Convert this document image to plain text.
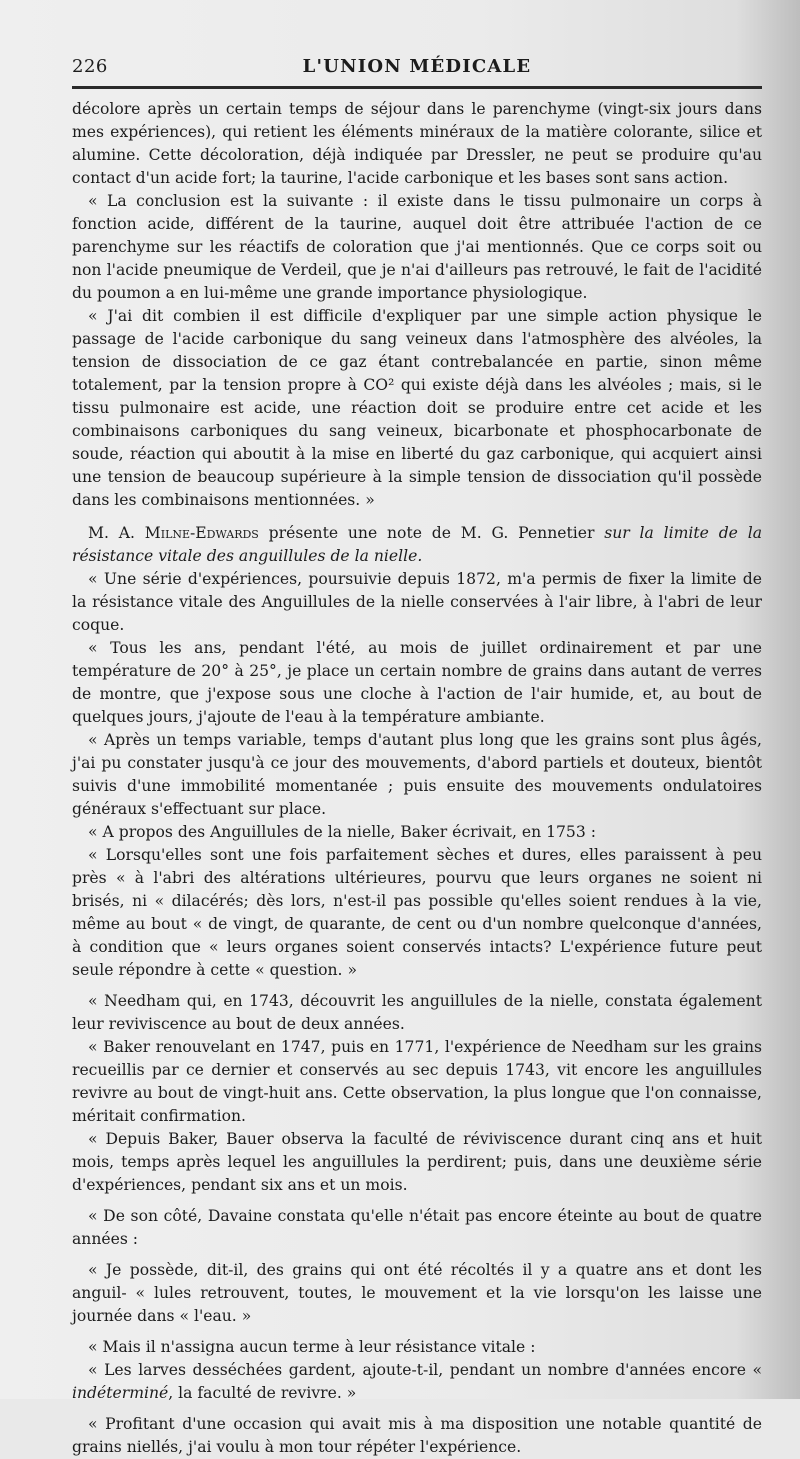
226	L'UNION MÉDICALE

décolore après un certain temps de séjour dans le parenchyme (vingt-six jours dans mes expériences), qui retient les éléments minéraux de la matière colorante, silice et alumine. Cette décoloration, déjà indiquée par Dressler, ne peut se produire qu'au contact d'un acide fort; la taurine, l'acide carbonique et les bases sont sans action.

« La conclusion est la suivante : il existe dans le tissu pulmonaire un corps à fonction acide, différent de la taurine, auquel doit être attribuée l'action de ce parenchyme sur les réactifs de coloration que j'ai mentionnés. Que ce corps soit ou non l'acide pneumique de Verdeil, que je n'ai d'ailleurs pas retrouvé, le fait de l'acidité du poumon a en lui-même une grande importance physiologique.

« J'ai dit combien il est difficile d'expliquer par une simple action physique le passage de l'acide carbonique du sang veineux dans l'atmosphère des alvéoles, la tension de dissociation de ce gaz étant contrebalancée en partie, sinon même totalement, par la tension propre à CO² qui existe déjà dans les alvéoles ; mais, si le tissu pulmonaire est acide, une réaction doit se produire entre cet acide et les combinaisons carboniques du sang veineux, bicarbonate et phosphocarbonate de soude, réaction qui aboutit à la mise en liberté du gaz carbonique, qui acquiert ainsi une tension de beaucoup supérieure à la simple tension de dissociation qu'il possède dans les combinaisons mentionnées. »

M. A. Milne-Edwards présente une note de M. G. Pennetier sur la limite de la résistance vitale des anguillules de la nielle.

« Une série d'expériences, poursuivie depuis 1872, m'a permis de fixer la limite de la résistance vitale des Anguillules de la nielle conservées à l'air libre, à l'abri de leur coque.

« Tous les ans, pendant l'été, au mois de juillet ordinairement et par une température de 20° à 25°, je place un certain nombre de grains dans autant de verres de montre, que j'expose sous une cloche à l'action de l'air humide, et, au bout de quelques jours, j'ajoute de l'eau à la température ambiante.

« Après un temps variable, temps d'autant plus long que les grains sont plus âgés, j'ai pu constater jusqu'à ce jour des mouvements, d'abord partiels et douteux, bientôt suivis d'une immobilité momentanée ; puis ensuite des mouvements ondulatoires généraux s'effectuant sur place.

« A propos des Anguillules de la nielle, Baker écrivait, en 1753 :

« Lorsqu'elles sont une fois parfaitement sèches et dures, elles paraissent à peu près « à l'abri des altérations ultérieures, pourvu que leurs organes ne soient ni brisés, ni « dilacérés; dès lors, n'est-il pas possible qu'elles soient rendues à la vie, même au bout « de vingt, de quarante, de cent ou d'un nombre quelconque d'années, à condition que « leurs organes soient conservés intacts? L'expérience future peut seule répondre à cette « question. »

« Needham qui, en 1743, découvrit les anguillules de la nielle, constata également leur reviviscence au bout de deux années.

« Baker renouvelant en 1747, puis en 1771, l'expérience de Needham sur les grains recueillis par ce dernier et conservés au sec depuis 1743, vit encore les anguillules revivre au bout de vingt-huit ans. Cette observation, la plus longue que l'on connaisse, méritait confirmation.

« Depuis Baker, Bauer observa la faculté de réviviscence durant cinq ans et huit mois, temps après lequel les anguillules la perdirent; puis, dans une deuxième série d'expériences, pendant six ans et un mois.

« De son côté, Davaine constata qu'elle n'était pas encore éteinte au bout de quatre années :

« Je possède, dit-il, des grains qui ont été récoltés il y a quatre ans et dont les anguil- « lules retrouvent, toutes, le mouvement et la vie lorsqu'on les laisse une journée dans « l'eau. »

« Mais il n'assigna aucun terme à leur résistance vitale :

« Les larves desséchées gardent, ajoute-t-il, pendant un nombre d'années encore « indéterminé, la faculté de revivre. »

« Profitant d'une occasion qui avait mis à ma disposition une notable quantité de grains niellés, j'ai voulu à mon tour répéter l'expérience.
